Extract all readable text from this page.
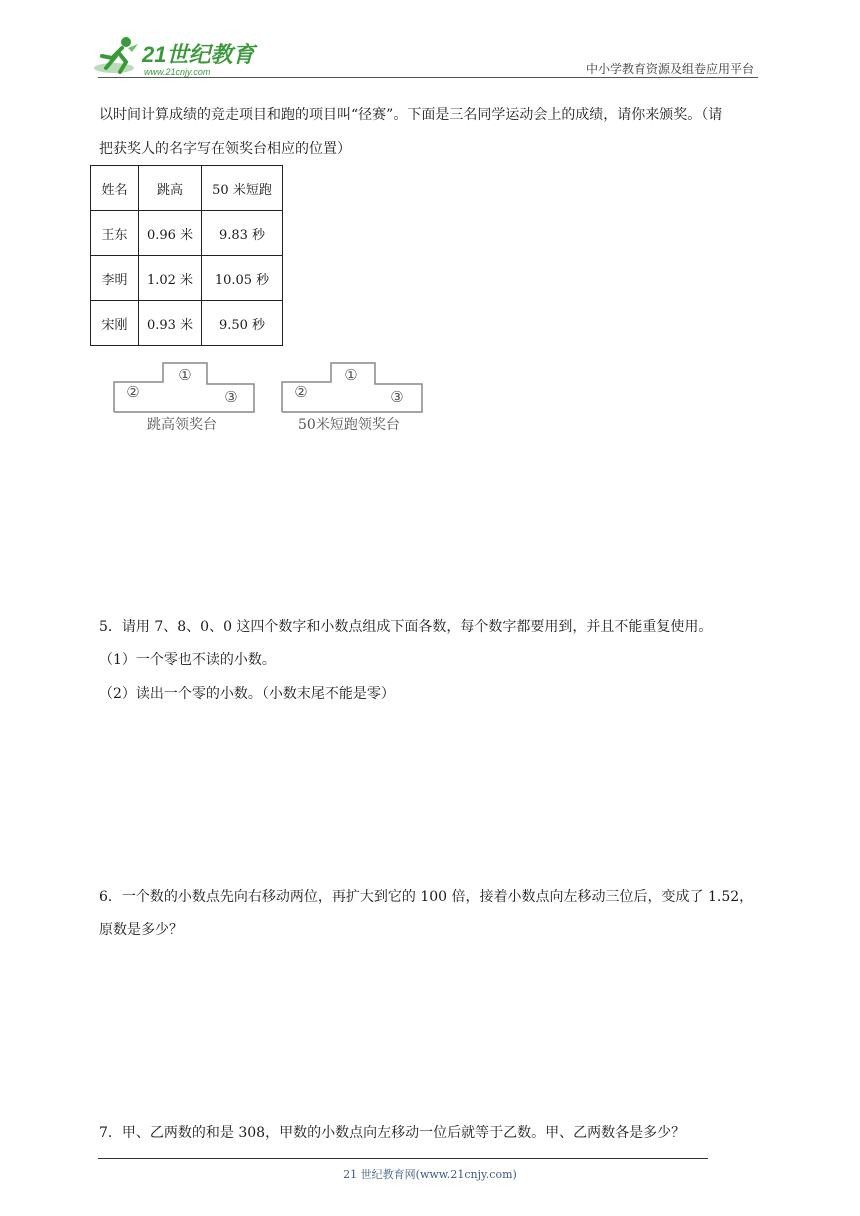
21世纪教育
www.21cnjy.com	中小学教育资源及组卷应用平台
以时间计算成绩的竞走项目和跑的项目叫“径赛”。下面是三名同学运动会上的成绩，请你来颁奖。（请
把获奖人的名字写在领奖台相应的位置）
姓名	跳高	50 米短跑
王东	0.96 米	9.83 秒
李明	1.02 米	10.05 秒
宋刚	0.93 米	9.50 秒
①
②	③
跳高领奖台
①
②	③
50米短跑领奖台
5．请用 7、8、0、0 这四个数字和小数点组成下面各数，每个数字都要用到，并且不能重复使用。
（1）一个零也不读的小数。
（2）读出一个零的小数。（小数末尾不能是零）
6．一个数的小数点先向右移动两位，再扩大到它的 100 倍，接着小数点向左移动三位后，变成了 1.52，
原数是多少？
7．甲、乙两数的和是 308，甲数的小数点向左移动一位后就等于乙数。甲、乙两数各是多少？
21 世纪教育网(www.21cnjy.com)
